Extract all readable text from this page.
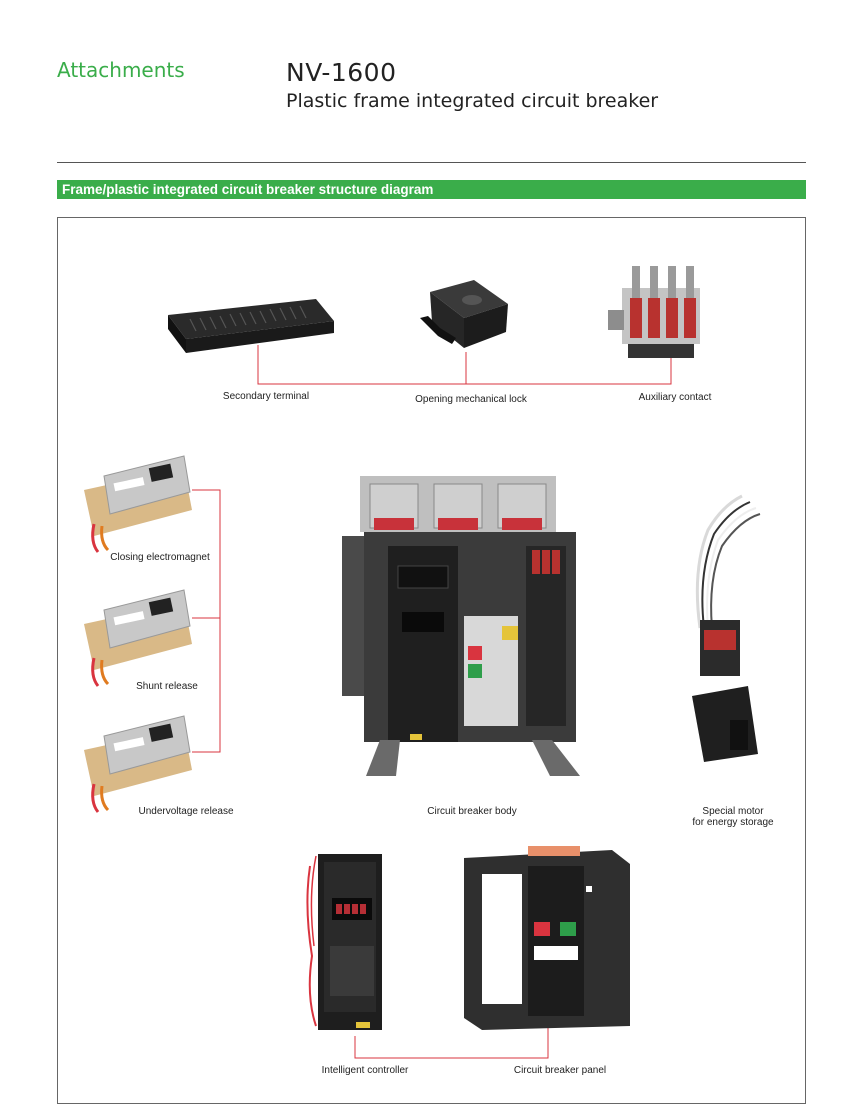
Attachments	NV-1600
Plastic frame integrated circuit breaker
Frame/plastic integrated circuit breaker structure diagram
Secondary terminal	Opening mechanical lock	Auxiliary contact
Closing electromagnet
Shunt release
Undervoltage release	Circuit breaker body	Special motor
for energy storage
Intelligent controller	Circuit breaker panel
